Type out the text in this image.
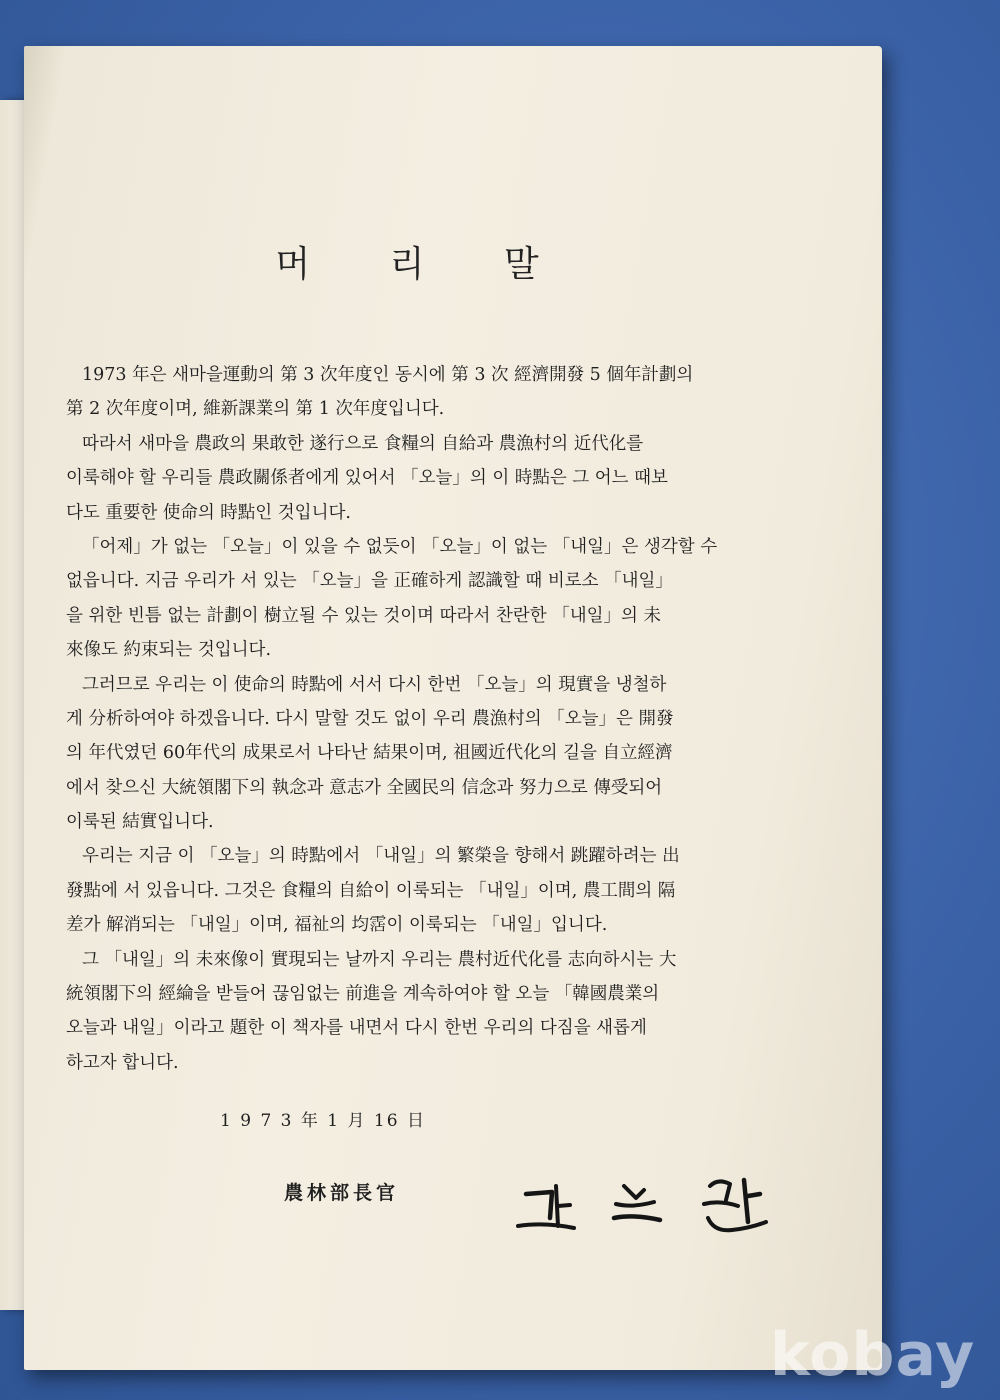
머 리 말
1973 年은 새마을運動의 第 3 次年度인 동시에 第 3 次 經濟開發 5 個年計劃의
第 2 次年度이며, 維新課業의 第 1 次年度입니다.
따라서 새마을 農政의 果敢한 遂行으로 食糧의 自給과 農漁村의 近代化를
이룩해야 할 우리들 農政關係者에게 있어서 「오늘」의 이 時點은 그 어느 때보
다도 重要한 使命의 時點인 것입니다.
「어제」가 없는 「오늘」이 있을 수 없듯이 「오늘」이 없는 「내일」은 생각할 수
없읍니다. 지금 우리가 서 있는 「오늘」을 正確하게 認識할 때 비로소 「내일」
을 위한 빈틈 없는 計劃이 樹立될 수 있는 것이며 따라서 찬란한 「내일」의 未
來像도 約束되는 것입니다.
그러므로 우리는 이 使命의 時點에 서서 다시 한번 「오늘」의 現實을 냉철하
게 分析하여야 하겠읍니다. 다시 말할 것도 없이 우리 農漁村의 「오늘」은 開發
의 年代였던 60年代의 成果로서 나타난 結果이며, 祖國近代化의 길을 自立經濟
에서 찾으신 大統領閣下의 執念과 意志가 全國民의 信念과 努力으로 傳受되어
이룩된 結實입니다.
우리는 지금 이 「오늘」의 時點에서 「내일」의 繁榮을 향해서 跳躍하려는 出
發點에 서 있읍니다. 그것은 食糧의 自給이 이룩되는 「내일」이며, 農工間의 隔
差가 解消되는 「내일」이며, 福祉의 均霑이 이룩되는 「내일」입니다.
그 「내일」의 未來像이 實現되는 날까지 우리는 農村近代化를 志向하시는 大
統領閣下의 經綸을 받들어 끊임없는 前進을 계속하여야 할 오늘 「韓國農業의
오늘과 내일」이라고 題한 이 책자를 내면서 다시 한번 우리의 다짐을 새롭게
하고자 합니다.
1 9 7 3 年 1 月 16 日
農林部長官
kobay
